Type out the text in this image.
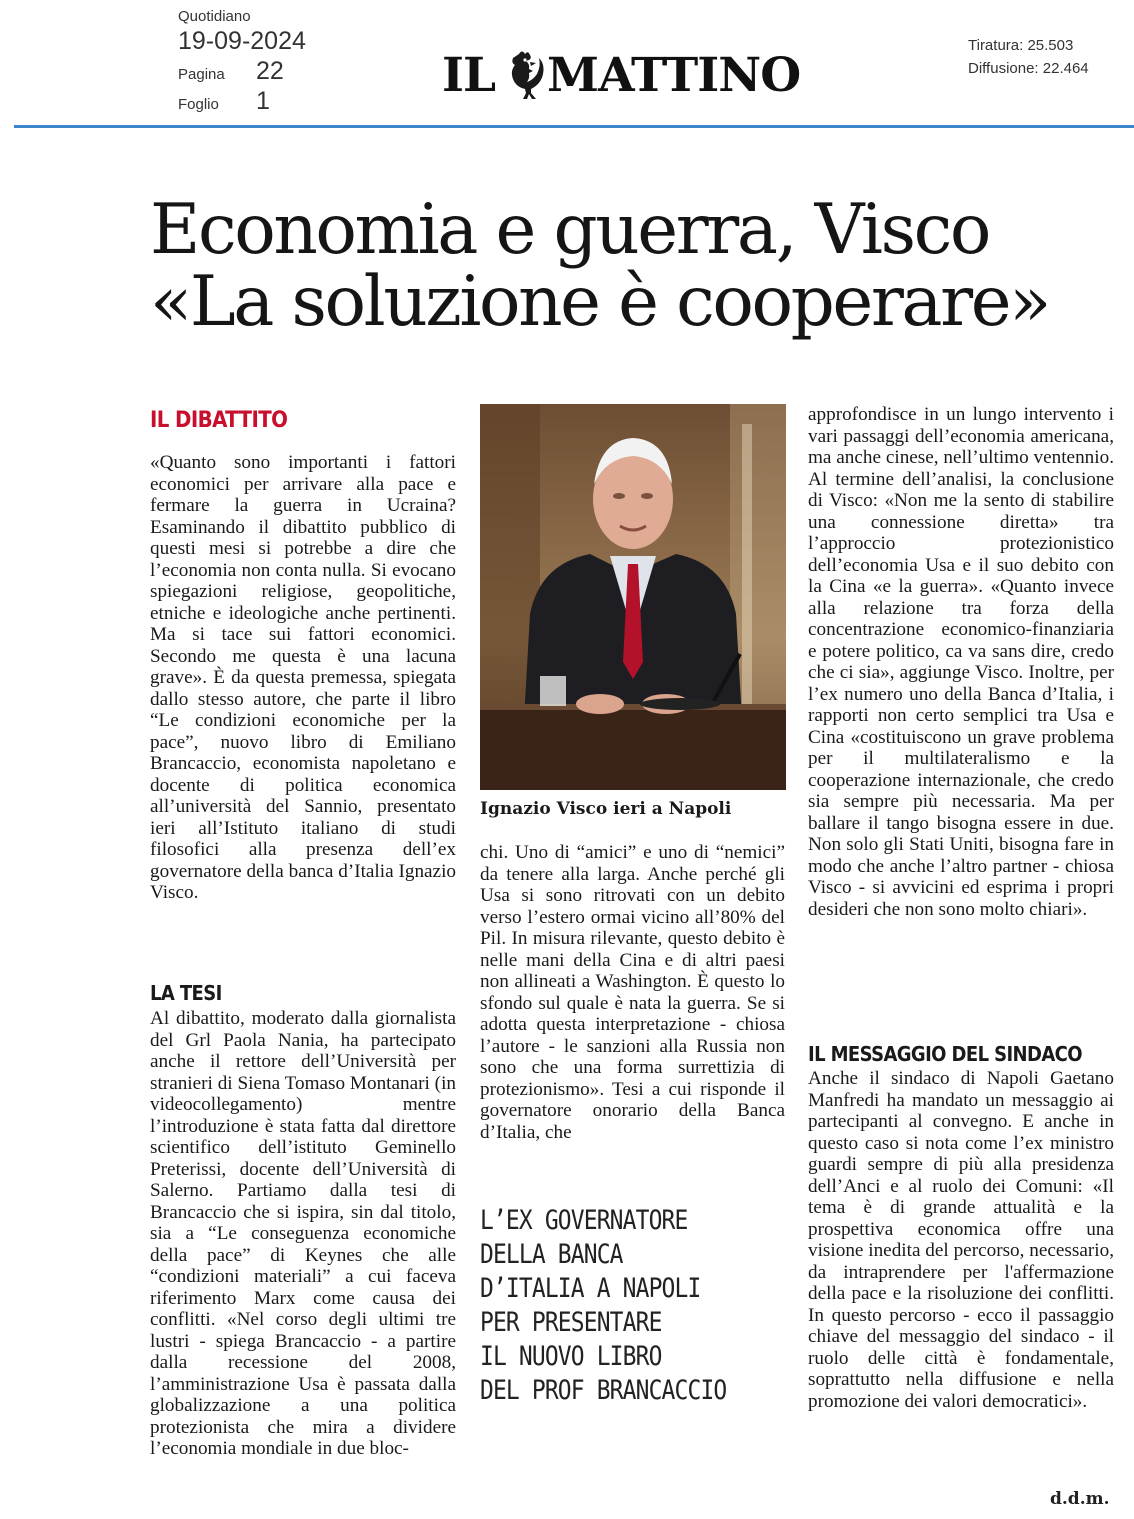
Quotidiano
19-09-2024
Pagina	22
Foglio	1	IL MATTINO
Tiratura: 25.503
Diffusione: 22.464
Economia e guerra, Visco
«La soluzione è cooperare»
IL DIBATTITO

«Quanto sono importanti i fattori economici per arrivare alla pace e fermare la guerra in Ucraina? Esaminando il dibattito pubblico di questi mesi si potrebbe a dire che l’economia non conta nulla. Si evocano spiegazioni religiose, geopolitiche, etniche e ideologiche anche pertinenti. Ma si tace sui fattori economici. Secondo me questa è una lacuna grave». È da questa premessa, spiegata dallo stesso autore, che parte il libro “Le condizioni economiche per la pace”, nuovo libro di Emiliano Brancaccio, economista napoletano e docente di politica economica all’università del Sannio, presentato ieri all’Istituto italiano di studi filosofici alla presenza dell’ex governatore della banca d’Italia Ignazio Visco.

LA TESI

Al dibattito, moderato dalla giornalista del Grl Paola Nania, ha partecipato anche il rettore dell’Università per stranieri di Siena Tomaso Montanari (in videocollegamento) mentre l’introduzione è stata fatta dal direttore scientifico dell’istituto Geminello Preterissi, docente dell’Università di Salerno. Partiamo dalla tesi di Brancaccio che si ispira, sin dal titolo, sia a “Le conseguenza economiche della pace” di Keynes che alle “condizioni materiali” a cui faceva riferimento Marx come causa dei conflitti. «Nel corso degli ultimi tre lustri - spiega Brancaccio - a partire dalla recessione del 2008, l’amministrazione Usa è passata dalla globalizzazione a una politica protezionista che mira a dividere l’economia mondiale in due bloc-

Ignazio Visco ieri a Napoli

chi. Uno di “amici” e uno di “nemici” da tenere alla larga. Anche perché gli Usa si sono ritrovati con un debito verso l’estero ormai vicino all’80% del Pil. In misura rilevante, questo debito è nelle mani della Cina e di altri paesi non allineati a Washington. È questo lo sfondo sul quale è nata la guerra. Se si adotta questa interpretazione - chiosa l’autore - le sanzioni alla Russia non sono che una forma surrettizia di protezionismo». Tesi a cui risponde il governatore onorario della Banca d’Italia, che

L’EX GOVERNATORE
DELLA BANCA
D’ITALIA A NAPOLI
PER PRESENTARE
IL NUOVO LIBRO
DEL PROF BRANCACCIO

approfondisce in un lungo intervento i vari passaggi dell’economia americana, ma anche cinese, nell’ultimo ventennio. Al termine dell’analisi, la conclusione di Visco: «Non me la sento di stabilire una connessione diretta» tra l’approccio protezionistico dell’economia Usa e il suo debito con la Cina «e la guerra». «Quanto invece alla relazione tra forza della concentrazione economico-finanziaria e potere politico, ca va sans dire, credo che ci sia», aggiunge Visco. Inoltre, per l’ex numero uno della Banca d’Italia, i rapporti non certo semplici tra Usa e Cina «costituiscono un grave problema per il multilateralismo e la cooperazione internazionale, che credo sia sempre più necessaria. Ma per ballare il tango bisogna essere in due. Non solo gli Stati Uniti, bisogna fare in modo che anche l’altro partner - chiosa Visco - si avvicini ed esprima i propri desideri che non sono molto chiari».

IL MESSAGGIO DEL SINDACO

Anche il sindaco di Napoli Gaetano Manfredi ha mandato un messaggio ai partecipanti al convegno. E anche in questo caso si nota come l’ex ministro guardi sempre di più alla presidenza dell’Anci e al ruolo dei Comuni: «Il tema è di grande attualità e la prospettiva economica offre una visione inedita del percorso, necessario, da intraprendere per l'affermazione della pace e la risoluzione dei conflitti. In questo percorso - ecco il passaggio chiave del messaggio del sindaco - il ruolo delle città è fondamentale, soprattutto nella diffusione e nella promozione dei valori democratici».

d.d.m.
